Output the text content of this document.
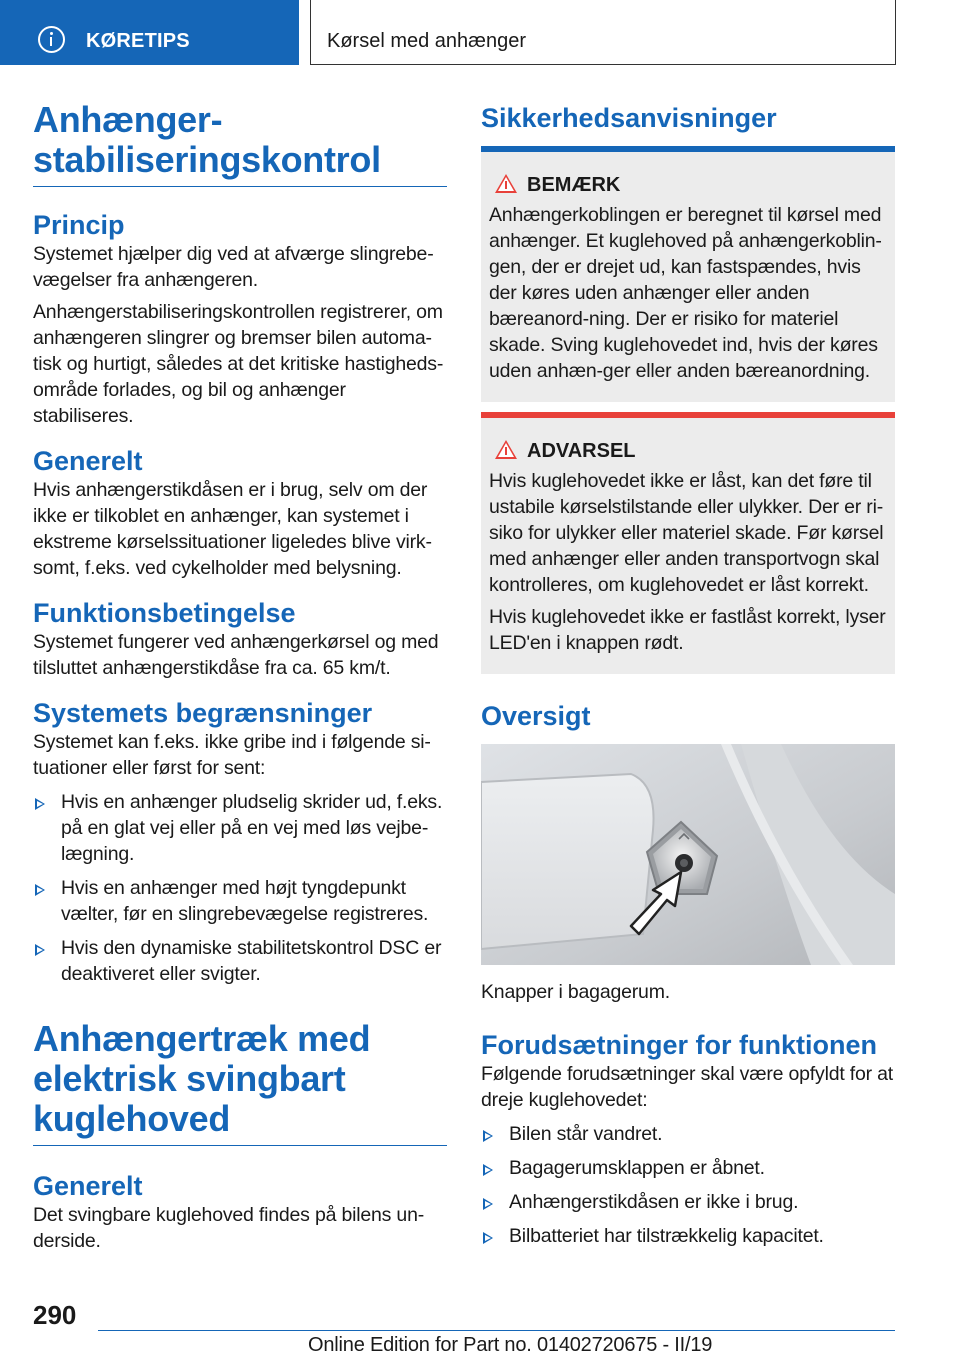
KØRETIPS	Kørsel med anhænger
Anhænger-stabiliseringskontrol
Princip

Systemet hjælper dig ved at afværge slingrebe-vægelser fra anhængeren.

Anhængerstabiliseringskontrollen registrerer, om anhængeren slingrer og bremser bilen automa-tisk og hurtigt, således at det kritiske hastigheds-område forlades, og bil og anhænger stabiliseres.

Generelt

Hvis anhængerstikdåsen er i brug, selv om der ikke er tilkoblet en anhænger, kan systemet i ekstreme kørselssituationer ligeledes blive virk-somt, f.eks. ved cykelholder med belysning.

Funktionsbetingelse

Systemet fungerer ved anhængerkørsel og med tilsluttet anhængerstikdåse fra ca. 65 km/t.

Systemets begrænsninger

Systemet kan f.eks. ikke gribe ind i følgende si-tuationer eller først for sent:

Hvis en anhænger pludselig skrider ud, f.eks. på en glat vej eller på en vej med løs vejbe-lægning.
Hvis en anhænger med højt tyngdepunkt vælter, før en slingrebevægelse registreres.
Hvis den dynamiske stabilitetskontrol DSC er deaktiveret eller svigter.
Anhængertræk med elektrisk svingbart kuglehoved
Generelt

Det svingbare kuglehoved findes på bilens un-derside.

Sikkerhedsanvisninger
BEMÆRK

Anhængerkoblingen er beregnet til kørsel med anhænger. Et kuglehoved på anhængerkoblin-gen, der er drejet ud, kan fastspændes, hvis der køres uden anhænger eller anden bæreanord-ning. Der er risiko for materiel skade. Sving kuglehovedet ind, hvis der køres uden anhæn-ger eller anden bæreanordning.

ADVARSEL

Hvis kuglehovedet ikke er låst, kan det føre til ustabile kørselstilstande eller ulykker. Der er ri-siko for ulykker eller materiel skade. Før kørsel med anhænger eller anden transportvogn skal kontrolleres, om kuglehovedet er låst korrekt.

Hvis kuglehovedet ikke er fastlåst korrekt, lyser LED'en i knappen rødt.

Oversigt

Knapper i bagagerum.

Forudsætninger for funktionen

Følgende forudsætninger skal være opfyldt for at dreje kuglehovedet:

Bilen står vandret.
Bagagerumsklappen er åbnet.
Anhængerstikdåsen er ikke i brug.
Bilbatteriet har tilstrækkelig kapacitet.
290
Online Edition for Part no. 01402720675 - II/19
